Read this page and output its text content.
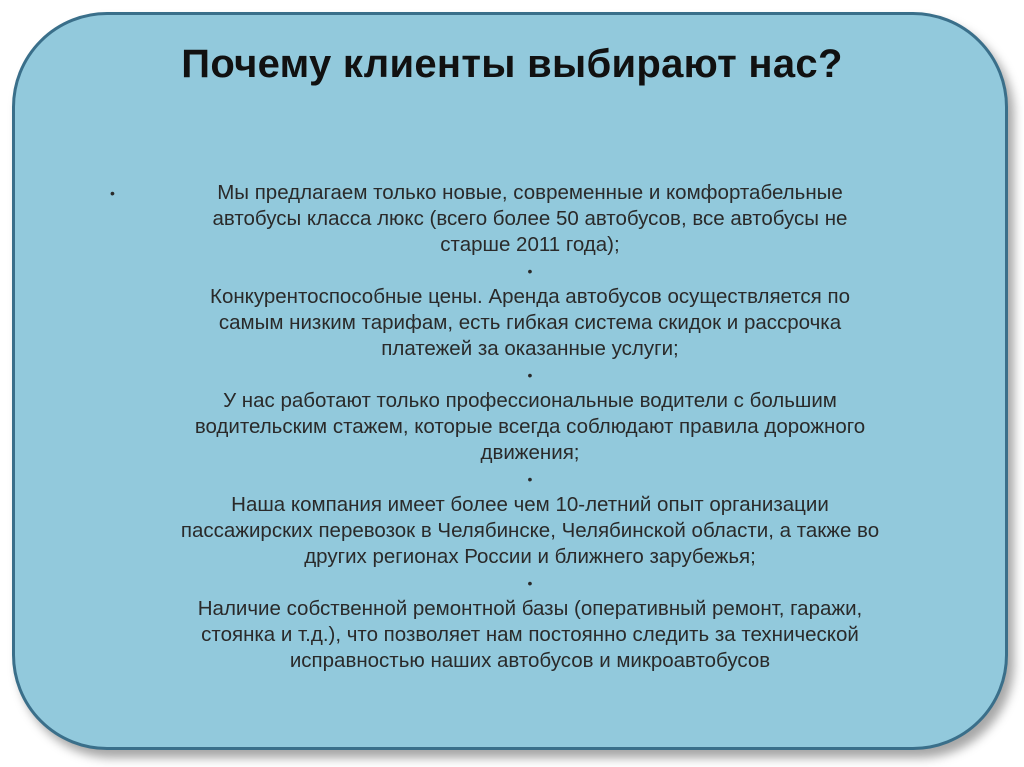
Почему клиенты выбирают нас?
•	Мы предлагаем только новые, современные и комфортабельные
автобусы класса люкс (всего более 50 автобусов, все автобусы не
старше 2011 года);
•
Конкурентоспособные цены. Аренда автобусов осуществляется по
самым низким тарифам, есть гибкая система скидок и рассрочка
платежей за оказанные услуги;
•
У нас работают только профессиональные водители с большим
водительским стажем, которые всегда соблюдают правила дорожного
движения;
•
Наша компания имеет более чем 10-летний опыт организации
пассажирских перевозок в Челябинске, Челябинской области, а также во
других регионах России и ближнего зарубежья;
•
Наличие собственной ремонтной базы (оперативный ремонт, гаражи,
стоянка и т.д.), что позволяет нам постоянно следить за технической
исправностью наших автобусов и микроавтобусов
